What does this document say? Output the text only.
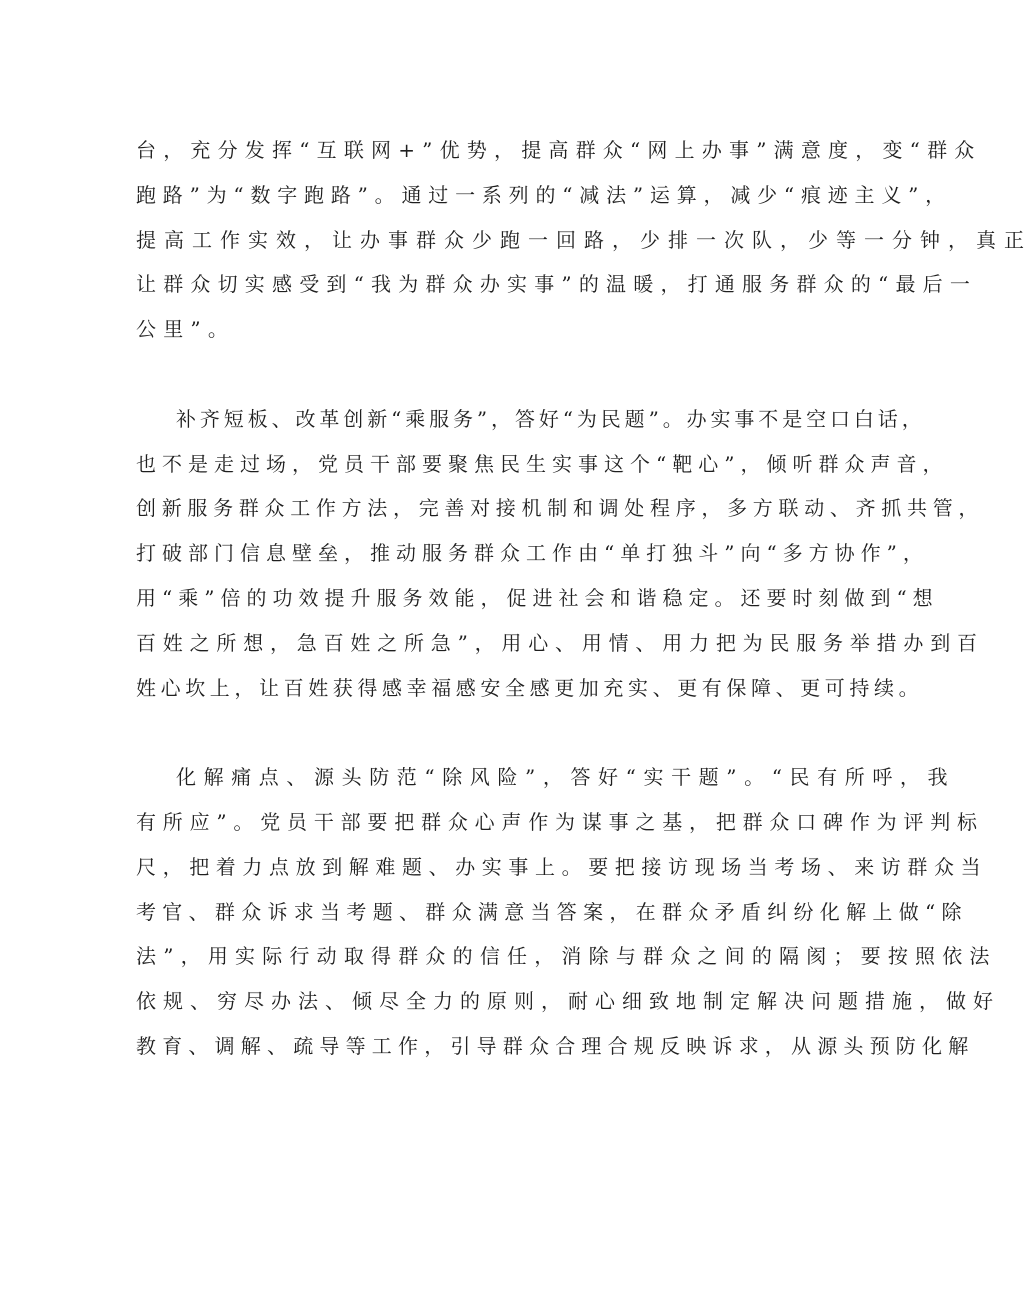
台，充分发挥“互联网+”优势，提高群众“网上办事”满意度，变“群众
跑路”为“数字跑路”。通过一系列的“减法”运算，减少“痕迹主义”，
提高工作实效，让办事群众少跑一回路，少排一次队，少等一分钟，真正
让群众切实感受到“我为群众办实事”的温暖，打通服务群众的“最后一
公里”。
补齐短板、改革创新“乘服务”，答好“为民题”。办实事不是空口白话，
也不是走过场，党员干部要聚焦民生实事这个“靶心”，倾听群众声音，
创新服务群众工作方法，完善对接机制和调处程序，多方联动、齐抓共管，
打破部门信息壁垒，推动服务群众工作由“单打独斗”向“多方协作”，
用“乘”倍的功效提升服务效能，促进社会和谐稳定。还要时刻做到“想
百姓之所想，急百姓之所急”，用心、用情、用力把为民服务举措办到百
姓心坎上，让百姓获得感幸福感安全感更加充实、更有保障、更可持续。
化解痛点、源头防范“除风险”，答好“实干题”。“民有所呼，我
有所应”。党员干部要把群众心声作为谋事之基，把群众口碑作为评判标
尺，把着力点放到解难题、办实事上。要把接访现场当考场、来访群众当
考官、群众诉求当考题、群众满意当答案，在群众矛盾纠纷化解上做“除
法”，用实际行动取得群众的信任，消除与群众之间的隔阂；要按照依法
依规、穷尽办法、倾尽全力的原则，耐心细致地制定解决问题措施，做好
教育、调解、疏导等工作，引导群众合理合规反映诉求，从源头预防化解
